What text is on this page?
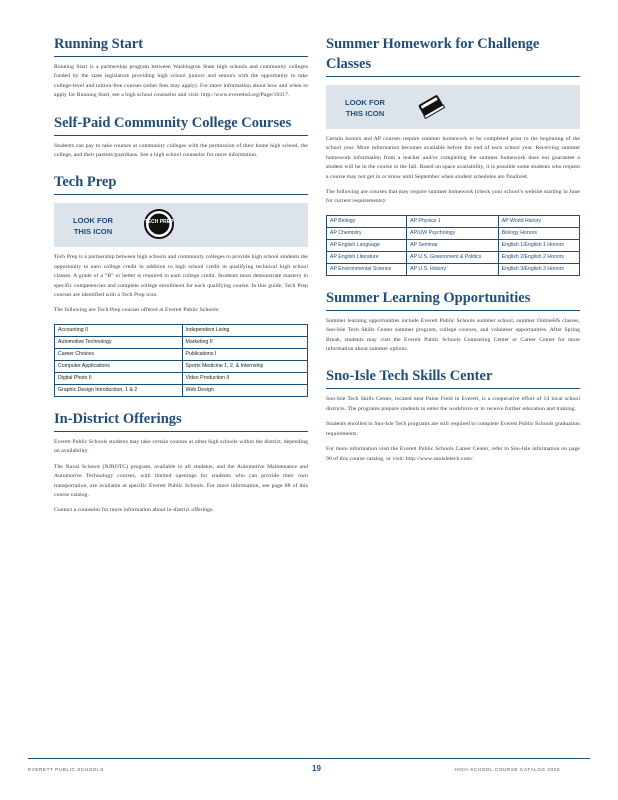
Running Start

Running Start is a partnership program between Washington State high schools and community colleges funded by the state legislature providing high school juniors and seniors with the opportunity to take college-level and tuition-free courses (other fees may apply). For more information about how and when to apply for Running Start, see a high school counselor and visit: http://www.everettsd.org/Page/10317.

Self-Paid Community College Courses

Students can pay to take courses at community colleges with the permission of their home high school, the college, and their parents/guardians. See a high school counselor for more information.

Tech Prep
LOOK FOR THIS ICON
TECH PREP

Tech Prep is a partnership between high schools and community colleges to provide high school students the opportunity to earn college credit in addition to high school credit in qualifying technical high school classes. A grade of a “B” or better is required to earn college credit. Students must demonstrate mastery in specific competencies and complete college enrollment for each qualifying course. In this guide, Tech Prep courses are identified with a Tech Prep icon.

The following are Tech Prep courses offered at Everett Public Schools:

Accounting II	Independent Living
Automotive Technology	Marketing II
Career Choices	Publications I
Computer Applications	Sports Medicine 1, 2, & Internship
Digital Photo II	Video Production II
Graphic Design Introduction, 1 & 2	Web Design
In-District Offerings

Everett Public Schools students may take certain courses at other high schools within the district, depending on availability.

The Naval Science (NJROTC) program, available to all students, and the Automotive Maintenance and Automotive Technology courses, with limited openings for students who can provide their own transportation, are available at specific Everett Public Schools. For more information, see page 88 of this course catalog.

Contact a counselor for more information about in-district offerings.

Summer Homework for Challenge Classes
LOOK FOR THIS ICON

Certain honors and AP courses require summer homework to be completed prior to the beginning of the school year. More information becomes available before the end of each school year. Receiving summer homework information from a teacher and/or completing the summer homework does not guarantee a student will be in the course in the fall. Based on space availability, it is possible some students who request a course may not get in or know until September when student schedules are finalized.

The following are courses that may require summer homework (check your school’s website starting in June for current requirements):

AP Biology	AP Physics 1	AP World History
AP Chemistry	AP/UW Psychology	Biology Honors
AP English Language	AP Seminar	English 1/English 1 Honors
AP English Literature	AP U.S. Government & Politics	English 2/English 2 Honors
AP Environmental Science	AP U.S. History	English 3/English 3 Honors
Summer Learning Opportunities

Summer learning opportunities include Everett Public Schools summer school, summer OnlineHS classes, Sno-Isle Tech Skills Center summer program, college courses, and volunteer opportunities. After Spring Break, students may visit the Everett Public Schools Counseling Center or Career Center for more information about summer options.

Sno-Isle Tech Skills Center

Sno-Isle Tech Skills Center, located near Paine Field in Everett, is a cooperative effort of 14 local school districts. The programs prepare students to enter the workforce or to receive further education and training.

Students enrolled in Sno-Isle Tech programs are still required to complete Everett Public Schools graduation requirements.

For more information visit the Everett Public Schools Career Center, refer to Sno-Isle information on page 90 of this course catalog, or visit: http://www.snoisletech.com/.

EVERETT PUBLIC SCHOOLS	19	HIGH SCHOOL COURSE CATALOG 2020
